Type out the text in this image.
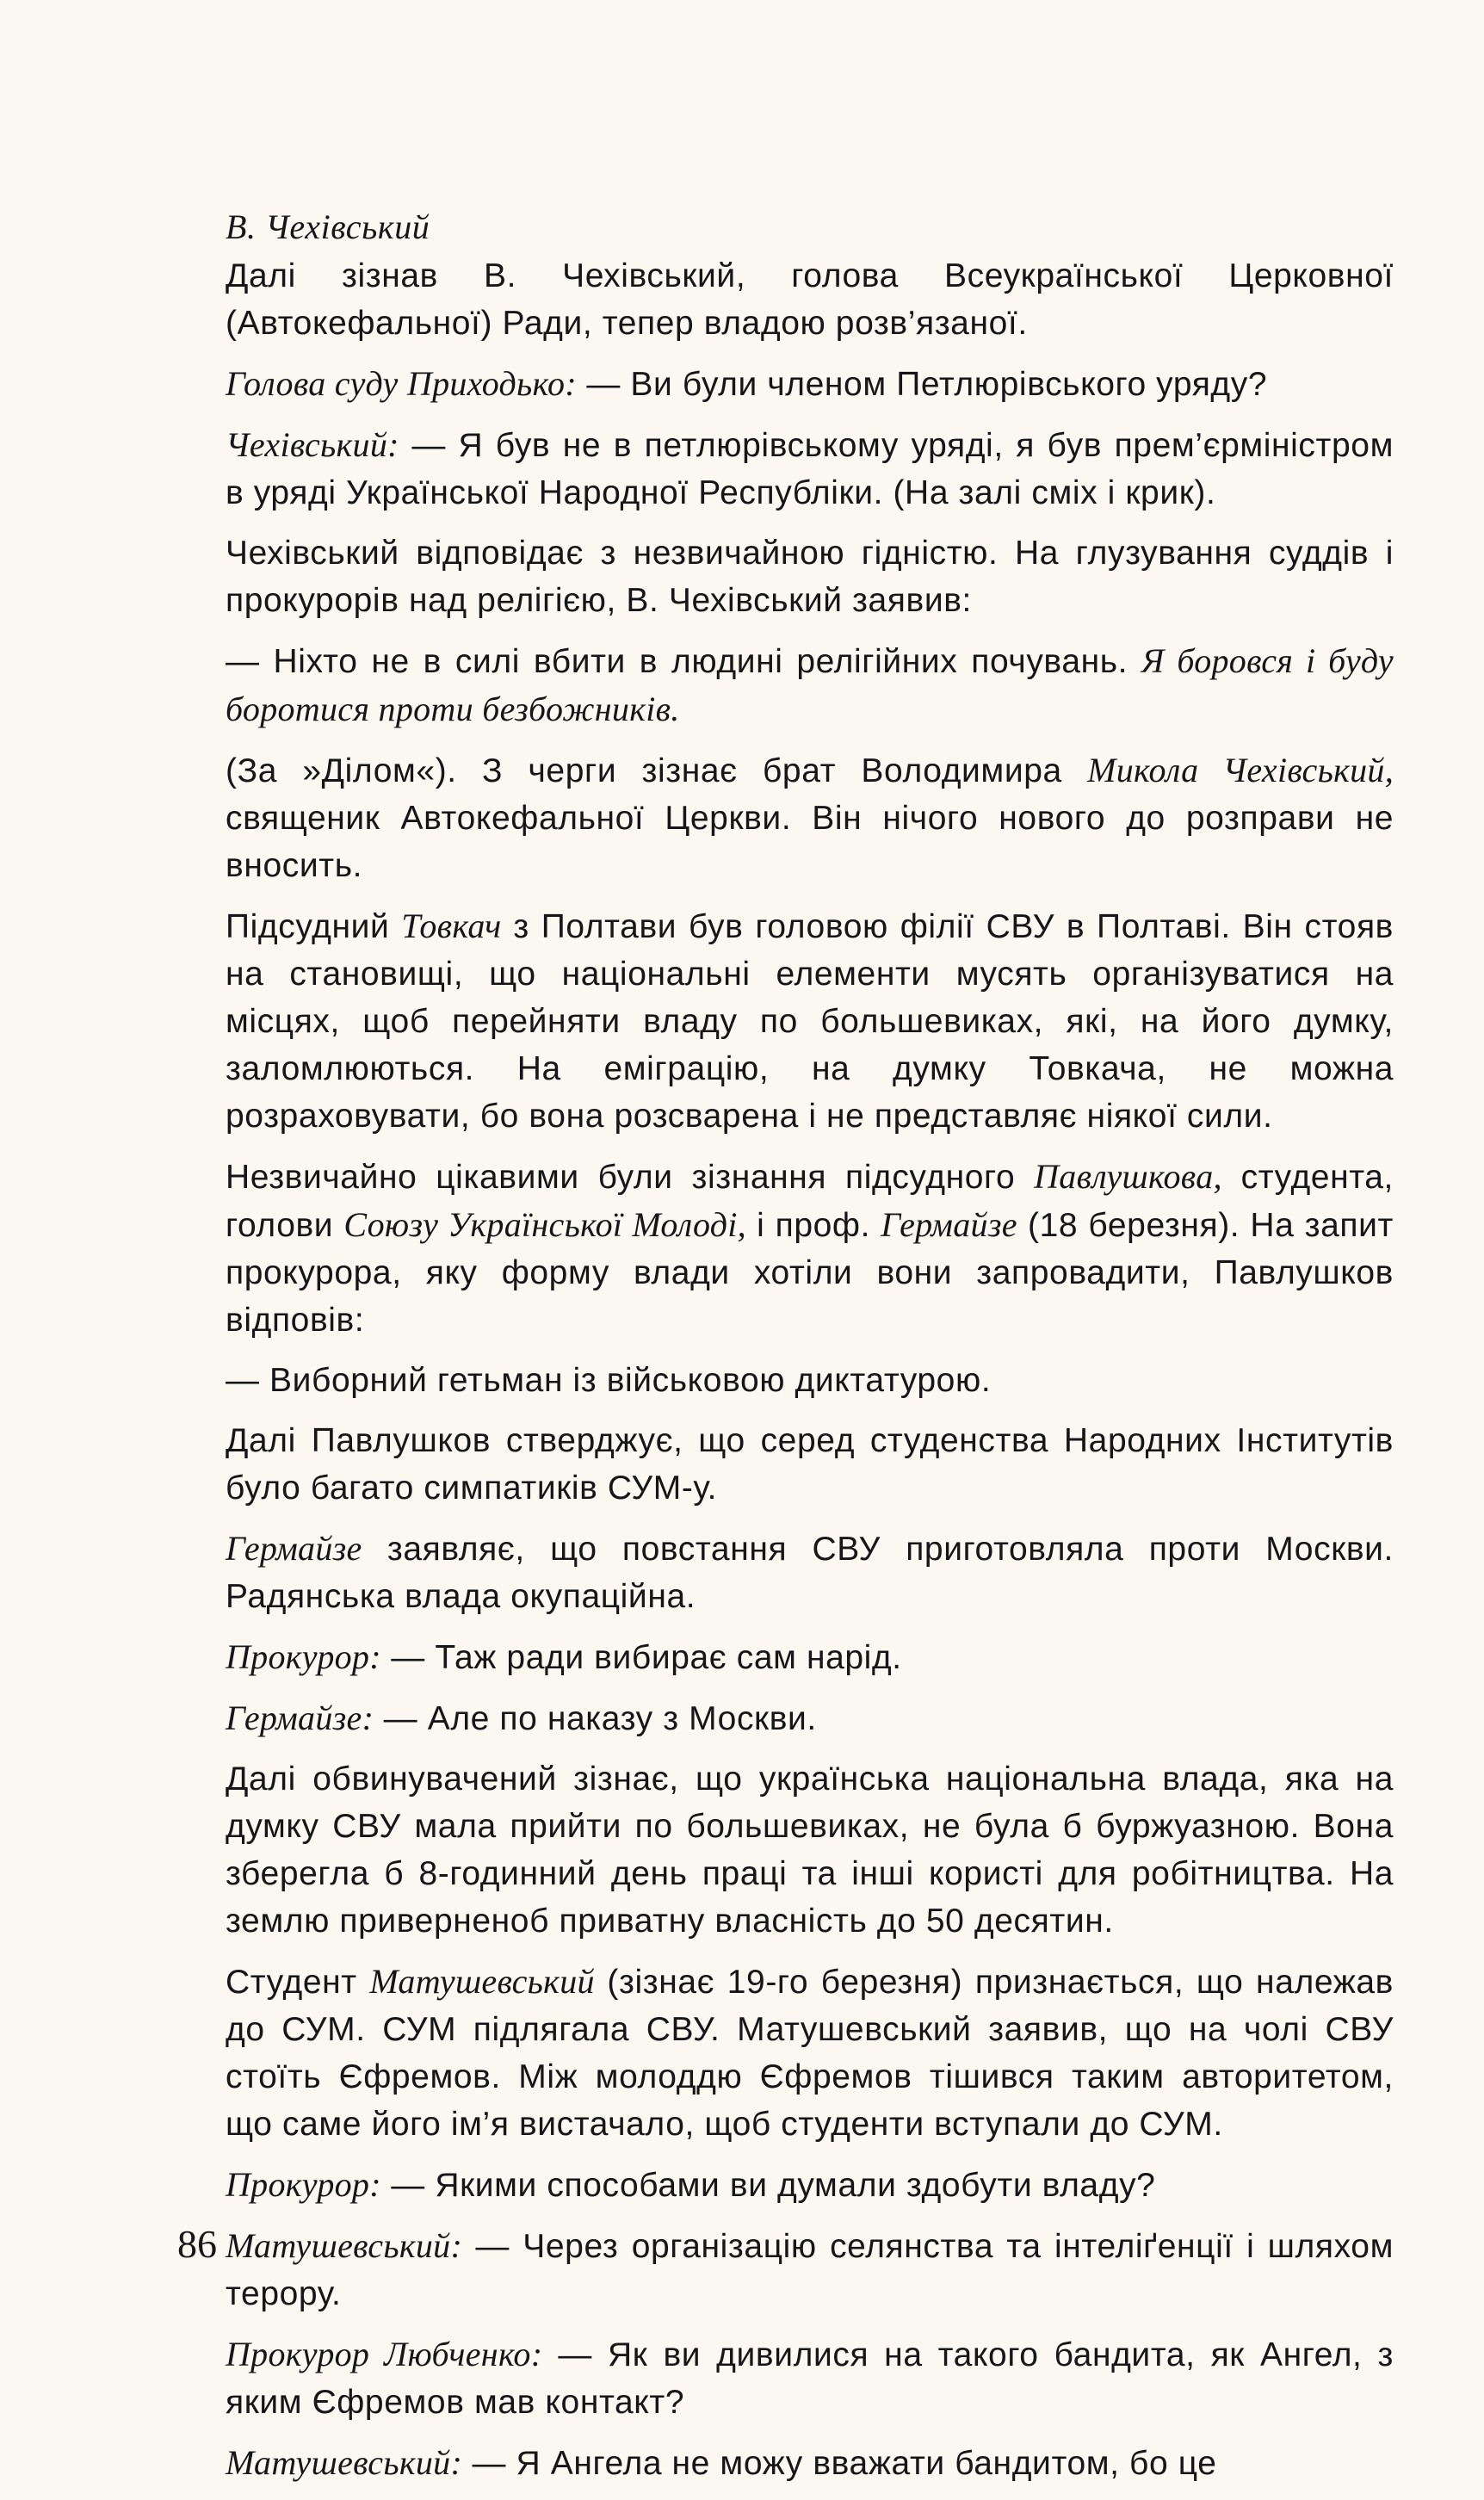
В. Чехівський

Далі зізнав В. Чехівський, голова Всеукраїнської Церковної (Автокефальної) Ради, тепер владою розв’язаної.

Голова суду Приходько: — Ви були членом Петлюрівського уряду?

Чехівський: — Я був не в петлюрівському уряді, я був прем’єрміністром в уряді Української Народної Республіки. (На залі сміх і крик).

Чехівський відповідає з незвичайною гідністю. На глузування суддів і прокурорів над релігією, В. Чехівський заявив:

— Ніхто не в силі вбити в людині релігійних почувань. Я боровся і буду боротися проти безбожників.

(За »Ділом«). З черги зізнає брат Володимира Микола Чехівський, священик Автокефальної Церкви. Він нічого нового до розправи не вносить.

Підсудний Товкач з Полтави був головою філії СВУ в Полтаві. Він стояв на становищі, що національні елементи мусять організуватися на місцях, щоб перейняти владу по большевиках, які, на його думку, заломлюються. На еміграцію, на думку Товкача, не можна розраховувати, бо вона розсварена і не представляє ніякої сили.

Незвичайно цікавими були зізнання підсудного Павлушкова, студента, голови Союзу Української Молоді, і проф. Гермайзе (18 березня). На запит прокурора, яку форму влади хотіли вони запровадити, Павлушков відповів:

— Виборний гетьман із військовою диктатурою.

Далі Павлушков стверджує, що серед студенства Народних Інститутів було багато симпатиків СУМ-у.

Гермайзе заявляє, що повстання СВУ приготовляла проти Москви. Радянська влада окупаційна.

Прокурор: — Таж ради вибирає сам нарід.

Гермайзе: — Але по наказу з Москви.

Далі обвинувачений зізнає, що українська національна влада, яка на думку СВУ мала прийти по большевиках, не була б буржуазною. Вона зберегла б 8-годинний день праці та інші користі для робітництва. На землю приверненоб приватну власність до 50 десятин.

Студент Матушевський (зізнає 19-го березня) признається, що належав до СУМ. СУМ підлягала СВУ. Матушевський заявив, що на чолі СВУ стоїть Єфремов. Між молоддю Єфремов тішився таким авторитетом, що саме його ім’я вистачало, щоб студенти вступали до СУМ.

Прокурор: — Якими способами ви думали здобути владу?

Матушевський: — Через організацію селянства та інтеліґенції і шляхом терору.

Прокурор Любченко: — Як ви дивилися на такого бандита, як Ангел, з яким Єфремов мав контакт?

Матушевський: — Я Ангела не можу вважати бандитом, бо це

86
